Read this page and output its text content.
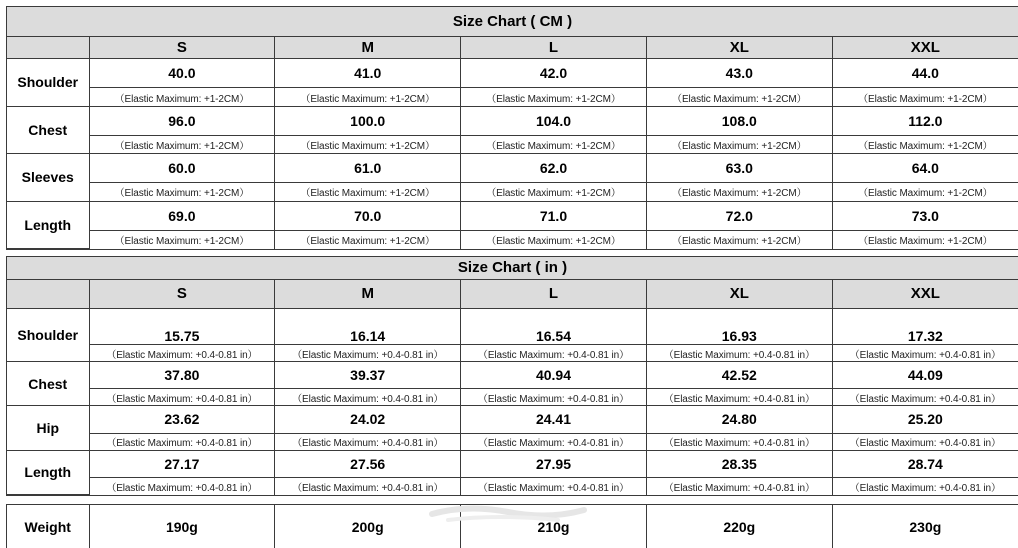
Size Chart ( CM )					
	S	M	L	XL	XXL
Shoulder	40.0	41.0	42.0	43.0	44.0
	（Elastic Maximum: +1-2CM）	（Elastic Maximum: +1-2CM）	（Elastic Maximum: +1-2CM）	（Elastic Maximum: +1-2CM）	（Elastic Maximum: +1-2CM）
Chest	96.0	100.0	104.0	108.0	112.0
	（Elastic Maximum: +1-2CM）	（Elastic Maximum: +1-2CM）	（Elastic Maximum: +1-2CM）	（Elastic Maximum: +1-2CM）	（Elastic Maximum: +1-2CM）
Sleeves	60.0	61.0	62.0	63.0	64.0
	（Elastic Maximum: +1-2CM）	（Elastic Maximum: +1-2CM）	（Elastic Maximum: +1-2CM）	（Elastic Maximum: +1-2CM）	（Elastic Maximum: +1-2CM）
Length	69.0	70.0	71.0	72.0	73.0
	（Elastic Maximum: +1-2CM）	（Elastic Maximum: +1-2CM）	（Elastic Maximum: +1-2CM）	（Elastic Maximum: +1-2CM）	（Elastic Maximum: +1-2CM）
Size Chart ( in )					
	S	M	L	XL	XXL
Shoulder	15.75	16.14	16.54	16.93	17.32
	（Elastic Maximum: +0.4-0.81 in）	（Elastic Maximum: +0.4-0.81 in）	（Elastic Maximum: +0.4-0.81 in）	（Elastic Maximum: +0.4-0.81 in）	（Elastic Maximum: +0.4-0.81 in）
Chest	37.80	39.37	40.94	42.52	44.09
	（Elastic Maximum: +0.4-0.81 in）	（Elastic Maximum: +0.4-0.81 in）	（Elastic Maximum: +0.4-0.81 in）	（Elastic Maximum: +0.4-0.81 in）	（Elastic Maximum: +0.4-0.81 in）
Hip	23.62	24.02	24.41	24.80	25.20
	（Elastic Maximum: +0.4-0.81 in）	（Elastic Maximum: +0.4-0.81 in）	（Elastic Maximum: +0.4-0.81 in）	（Elastic Maximum: +0.4-0.81 in）	（Elastic Maximum: +0.4-0.81 in）
Length	27.17	27.56	27.95	28.35	28.74
	（Elastic Maximum: +0.4-0.81 in）	（Elastic Maximum: +0.4-0.81 in）	（Elastic Maximum: +0.4-0.81 in）	（Elastic Maximum: +0.4-0.81 in）	（Elastic Maximum: +0.4-0.81 in）
Weight	190g	200g	210g	220g	230g
